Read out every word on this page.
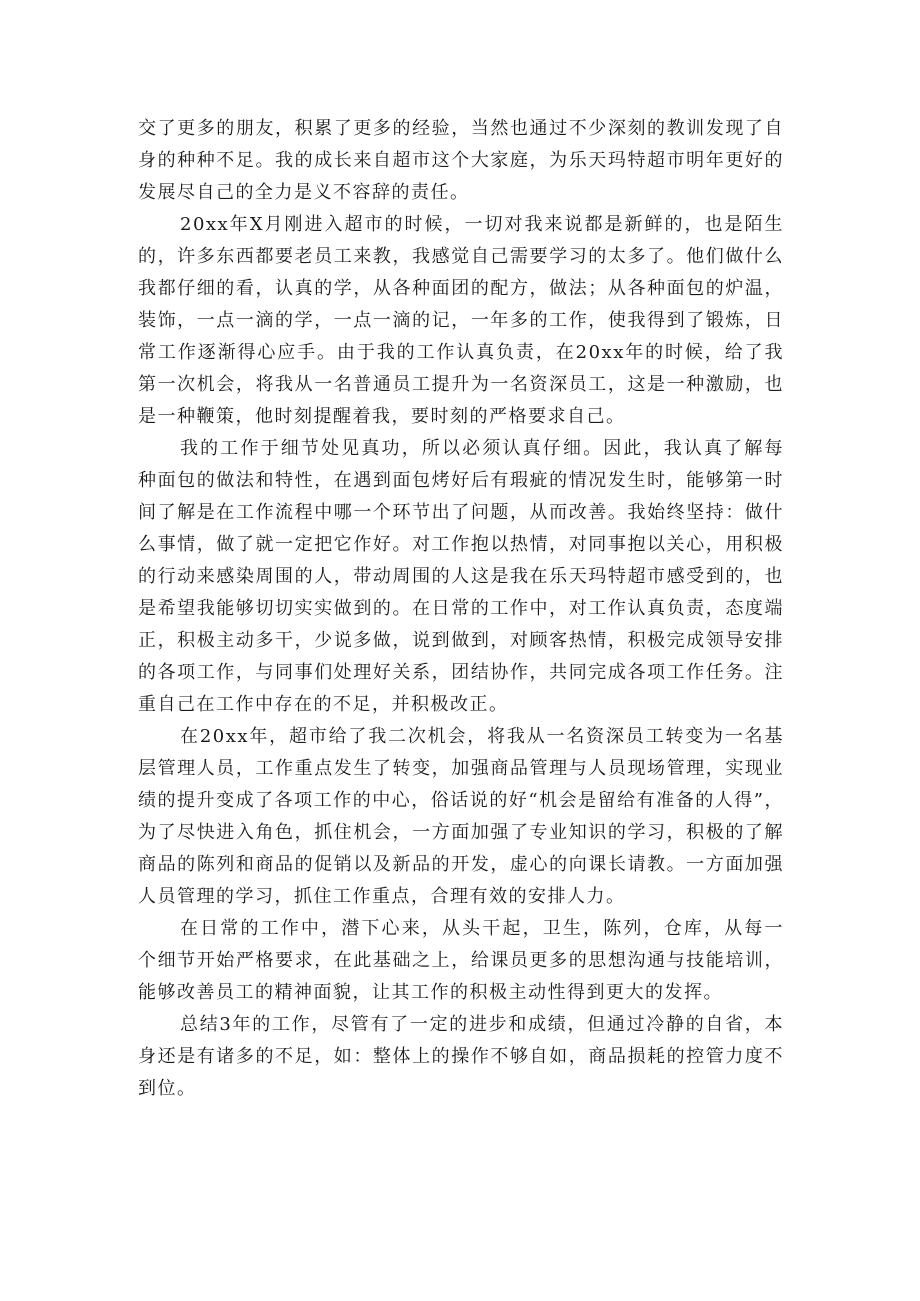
交了更多的朋友，积累了更多的经验，当然也通过不少深刻的教训发现了自身的种种不足。我的成长来自超市这个大家庭，为乐天玛特超市明年更好的发展尽自己的全力是义不容辞的责任。

20xx年X月刚进入超市的时候，一切对我来说都是新鲜的，也是陌生的，许多东西都要老员工来教，我感觉自己需要学习的太多了。他们做什么我都仔细的看，认真的学，从各种面团的配方，做法；从各种面包的炉温，装饰，一点一滴的学，一点一滴的记，一年多的工作，使我得到了锻炼，日常工作逐渐得心应手。由于我的工作认真负责，在20xx年的时候，给了我第一次机会，将我从一名普通员工提升为一名资深员工，这是一种激励，也是一种鞭策，他时刻提醒着我，要时刻的严格要求自己。

我的工作于细节处见真功，所以必须认真仔细。因此，我认真了解每种面包的做法和特性，在遇到面包烤好后有瑕疵的情况发生时，能够第一时间了解是在工作流程中哪一个环节出了问题，从而改善。我始终坚持：做什么事情，做了就一定把它作好。对工作抱以热情，对同事抱以关心，用积极的行动来感染周围的人，带动周围的人这是我在乐天玛特超市感受到的，也是希望我能够切切实实做到的。在日常的工作中，对工作认真负责，态度端正，积极主动多干，少说多做，说到做到，对顾客热情，积极完成领导安排的各项工作，与同事们处理好关系，团结协作，共同完成各项工作任务。注重自己在工作中存在的不足，并积极改正。

在20xx年，超市给了我二次机会，将我从一名资深员工转变为一名基层管理人员，工作重点发生了转变，加强商品管理与人员现场管理，实现业绩的提升变成了各项工作的中心，俗话说的好“机会是留给有准备的人得”，为了尽快进入角色，抓住机会，一方面加强了专业知识的学习，积极的了解商品的陈列和商品的促销以及新品的开发，虚心的向课长请教。一方面加强人员管理的学习，抓住工作重点，合理有效的安排人力。

在日常的工作中，潜下心来，从头干起，卫生，陈列，仓库，从每一个细节开始严格要求，在此基础之上，给课员更多的思想沟通与技能培训，能够改善员工的精神面貌，让其工作的积极主动性得到更大的发挥。

总结3年的工作，尽管有了一定的进步和成绩，但通过冷静的自省，本身还是有诸多的不足，如：整体上的操作不够自如，商品损耗的控管力度不到位。
